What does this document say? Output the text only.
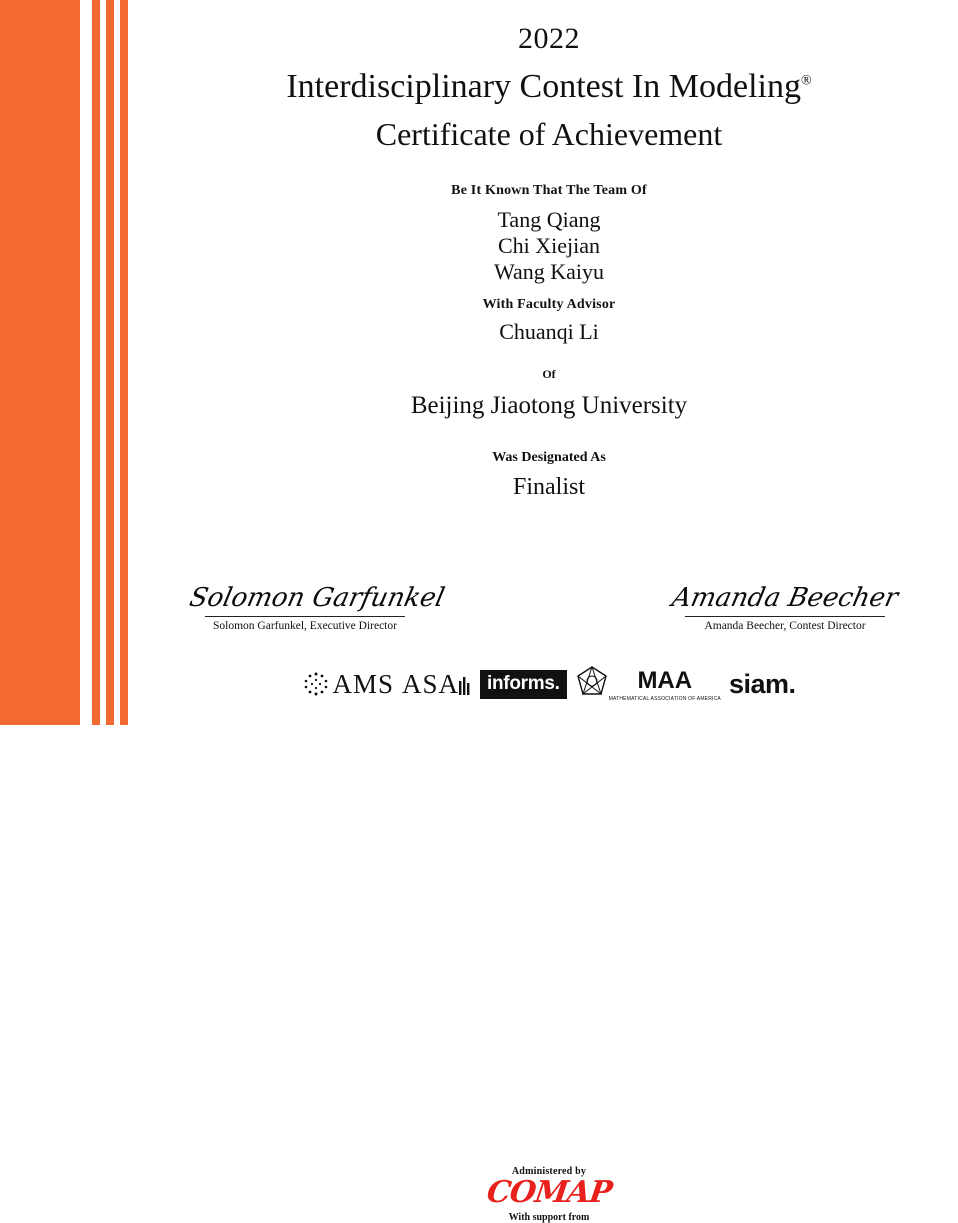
2022
Interdisciplinary Contest In Modeling®
Certificate of Achievement
Be It Known That The Team Of
Tang Qiang
Chi Xiejian
Wang Kaiyu
With Faculty Advisor
Chuanqi Li
Of
Beijing Jiaotong University
Was Designated As
Finalist
Solomon Garfunkel
Solomon Garfunkel, Executive Director
Administered by
COMAP
With support from
Amanda Beecher
Amanda Beecher, Contest Director
AMS ASA	informs.	MAA
MATHEMATICAL ASSOCIATION OF AMERICA siam .
